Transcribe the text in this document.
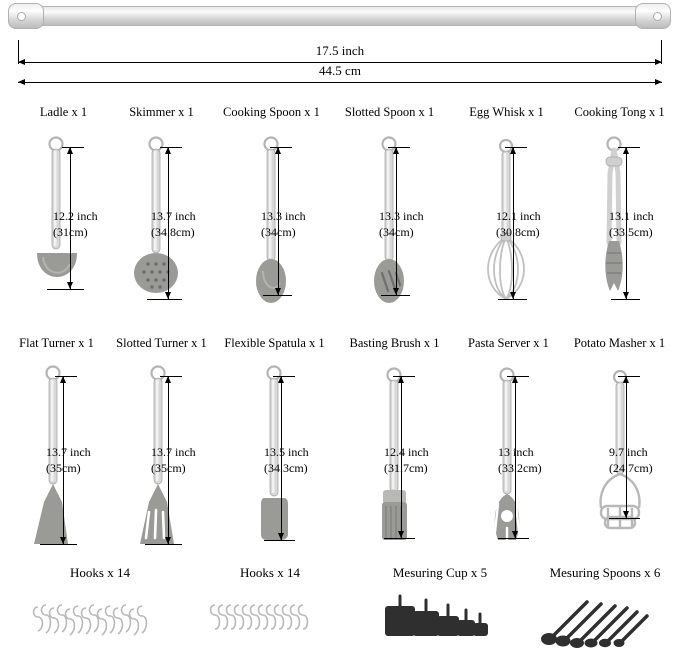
17.5 inch
44.5 cm
Ladle x 1
12.2 inch
(31cm)
Skimmer x 1
13.7 inch
(34.8cm)
Cooking Spoon x 1
13.3 inch
(34cm)
Slotted Spoon x 1
13.3 inch
(34cm)
Egg Whisk x 1
12.1 inch
(30.8cm)
Cooking Tong x 1
13.1 inch
(33.5cm)
Flat Turner x 1
13.7 inch
(35cm)
Slotted Turner x 1
13.7 inch
(35cm)
Flexible Spatula x 1
13.5 inch
(34.3cm)
Basting Brush x 1
12.4 inch
(31.7cm)
Pasta Server x 1
13 inch
(33.2cm)
Potato Masher x 1
9.7 inch
(24.7cm)
Hooks x 14	Hooks x 14	Mesuring Cup x 5	Mesuring Spoons x 6
